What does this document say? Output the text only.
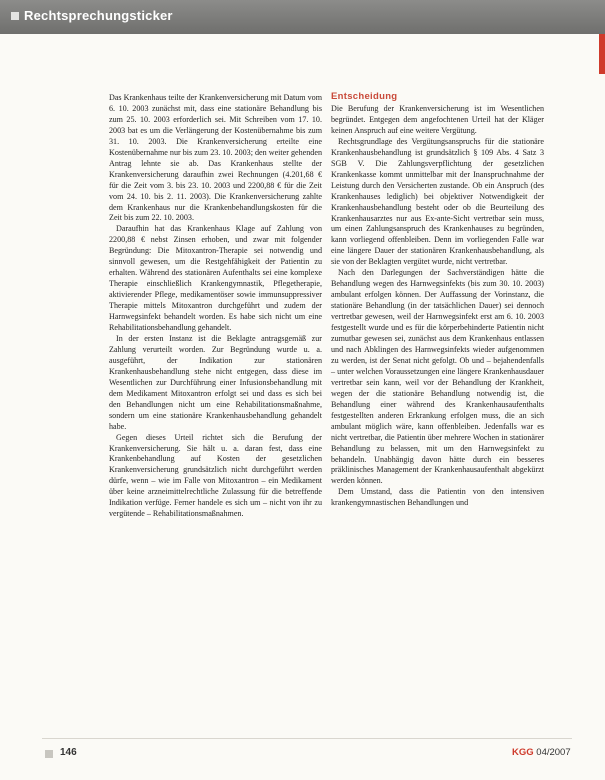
Rechtsprechungsticker

Das Krankenhaus teilte der Krankenversicherung mit Datum vom 6. 10. 2003 zunächst mit, dass eine stationäre Behandlung bis zum 25. 10. 2003 erforderlich sei. Mit Schreiben vom 17. 10. 2003 bat es um die Verlängerung der Kostenübernahme bis zum 31. 10. 2003. Die Krankenversicherung erteilte eine Kostenübernahme nur bis zum 23. 10. 2003; den weiter gehenden Antrag lehnte sie ab. Das Krankenhaus stellte der Krankenversicherung daraufhin zwei Rechnungen (4.201,68 € für die Zeit vom 3. bis 23. 10. 2003 und 2200,88 € für die Zeit vom 24. 10. bis 2. 11. 2003). Die Krankenversicherung zahlte dem Krankenhaus nur die Krankenbehandlungskosten für die Zeit bis zum 22. 10. 2003.

Daraufhin hat das Krankenhaus Klage auf Zahlung von 2200,88 € nebst Zinsen erhoben, und zwar mit folgender Begründung: Die Mitoxantron-Therapie sei notwendig und sinnvoll gewesen, um die Restgehfähigkeit der Patientin zu erhalten. Während des stationären Aufenthalts sei eine komplexe Therapie einschließlich Krankengymnastik, Pflegetherapie, aktivierender Pflege, medikamentöser sowie immunsuppressiver Therapie mittels Mitoxantron durchgeführt und zudem der Harnwegsinfekt behandelt worden. Es habe sich nicht um eine Rehabilitationsbehandlung gehandelt.

In der ersten Instanz ist die Beklagte antragsgemäß zur Zahlung verurteilt worden. Zur Begründung wurde u. a. ausgeführt, der Indikation zur stationären Krankenhausbehandlung stehe nicht entgegen, dass diese im Wesentlichen zur Durchführung einer Infusionsbehandlung mit dem Medikament Mitoxantron erfolgt sei und dass es sich bei den Behandlungen nicht um eine Rehabilitationsmaßnahme, sondern um eine stationäre Krankenhausbehandlung gehandelt habe.

Gegen dieses Urteil richtet sich die Berufung der Krankenversicherung. Sie hält u. a. daran fest, dass eine Krankenbehandlung auf Kosten der gesetzlichen Krankenversicherung grundsätzlich nicht durchgeführt werden dürfe, wenn – wie im Falle von Mitoxantron – ein Medikament über keine arzneimittelrechtliche Zulassung für die betreffende Indikation verfüge. Ferner handele es sich um – nicht von ihr zu vergütende – Rehabilitationsmaßnahmen.

Entscheidung

Die Berufung der Krankenversicherung ist im Wesentlichen begründet. Entgegen dem angefochtenen Urteil hat der Kläger keinen Anspruch auf eine weitere Vergütung.

Rechtsgrundlage des Vergütungsanspruchs für die stationäre Krankenhausbehandlung ist grundsätzlich § 109 Abs. 4 Satz 3 SGB V. Die Zahlungsverpflichtung der gesetzlichen Krankenkasse kommt unmittelbar mit der Inanspruchnahme der Leistung durch den Versicherten zustande. Ob ein Anspruch (des Krankenhauses lediglich) bei objektiver Notwendigkeit der Krankenhausbehandlung besteht oder ob die Beurteilung des Krankenhausarztes nur aus Ex-ante-Sicht vertretbar sein muss, um einen Zahlungsanspruch des Krankenhauses zu begründen, kann vorliegend offenbleiben. Denn im vorliegenden Falle war eine längere Dauer der stationären Krankenhausbehandlung, als sie von der Beklagten vergütet wurde, nicht vertretbar.

Nach den Darlegungen der Sachverständigen hätte die Behandlung wegen des Harnwegsinfekts (bis zum 30. 10. 2003) ambulant erfolgen können. Der Auffassung der Vorinstanz, die stationäre Behandlung (in der tatsächlichen Dauer) sei dennoch vertretbar gewesen, weil der Harnwegsinfekt erst am 6. 10. 2003 festgestellt wurde und es für die körperbehinderte Patientin nicht zumutbar gewesen sei, zunächst aus dem Krankenhaus entlassen und nach Abklingen des Harnwegsinfekts wieder aufgenommen zu werden, ist der Senat nicht gefolgt. Ob und – bejahendenfalls – unter welchen Voraussetzungen eine längere Krankenhausdauer vertretbar sein kann, weil vor der Behandlung der Krankheit, wegen der die stationäre Behandlung notwendig ist, die Behandlung einer während des Krankenhausaufenthalts festgestellten anderen Erkrankung erfolgen muss, die an sich ambulant möglich wäre, kann offenbleiben. Jedenfalls war es nicht vertretbar, die Patientin über mehrere Wochen in stationärer Behandlung zu belassen, mit um den Harnwegsinfekt zu behandeln. Unabhängig davon hätte durch ein besseres präklinisches Management der Krankenhausaufenthalt abgekürzt werden können.

Dem Umstand, dass die Patientin von den intensiven krankengymnastischen Behandlungen und

146	KGG 04/2007
